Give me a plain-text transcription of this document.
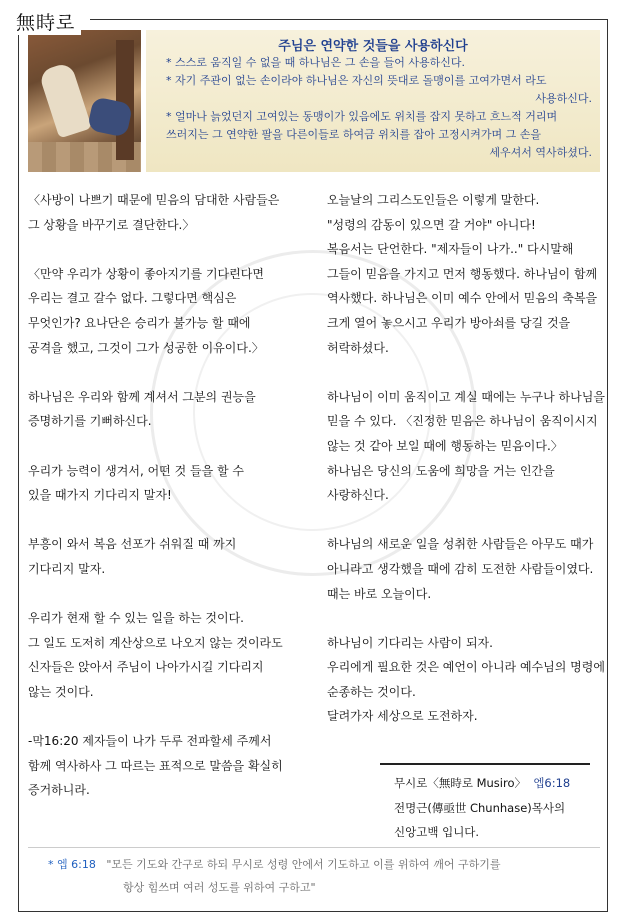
無時로
주님은 연약한 것들을 사용하신다
* 스스로 움직일 수 없을 때 하나님은 그 손을 들어 사용하신다.
* 자기 주관이 없는 손이라야 하나님은 자신의 뜻대로 돌맹이를 고여가면서 라도
사용하신다.
* 얼마나 늙었던지 고여있는 동맹이가 있음에도 위치를 잡지 못하고 흐느적 거리며
쓰러지는 그 연약한 팔을 다른이들로 하여금 위치를 잡아 고정시켜가며 그 손을
세우셔서 역사하셨다.

〈사방이 나쁘기 때문에 믿음의 담대한 사람들은

그 상황을 바꾸기로 결단한다.〉

〈만약 우리가 상황이 좋아지기를 기다린다면

우리는 결고 갈수 없다. 그렇다면 핵심은

무엇인가? 요나단은 승리가 불가능 할 때에

공격을 했고, 그것이 그가 성공한 이유이다.〉

하나님은 우리와 함께 계셔서 그분의 권능을

증명하기를 기뻐하신다.

우리가 능력이 생겨서, 어떤 것 들을 할 수

있을 때가지 기다리지 말자!

부흥이 와서 복음 선포가 쉬워질 때 까지

기다리지 말자.

우리가 현재 할 수 있는 일을 하는 것이다.

그 일도 도저히 계산상으로 나오지 않는 것이라도

신자들은 앉아서 주님이 나아가시길 기다리지

않는 것이다.

-막16:20 제자들이 나가 두루 전파할세 주께서

함께 역사하사 그 따르는 표적으로 말씀을 확실히

증거하니라.

오늘날의 그리스도인들은 이렇게 말한다.

"성령의 감동이 있으면 갈 거야" 아니다!

복음서는 단언한다. "제자들이 나가.." 다시말해

그들이 믿음을 가지고 먼저 행동했다. 하나님이 함께

역사했다. 하나님은 이미 예수 안에서 믿음의 축복을

크게 열어 놓으시고 우리가 방아쇠를 당길 것을

허락하셨다.

하나님이 이미 움직이고 계실 때에는 누구나 하나님을

믿을 수 있다. 〈진정한 믿음은 하나님이 움직이시지

않는 것 같아 보일 때에 행동하는 믿음이다.〉

하나님은 당신의 도움에 희망을 거는 인간을

사랑하신다.

하나님의 새로운 일을 성취한 사람들은 아무도 때가

아니라고 생각했을 때에 감히 도전한 사람들이였다.

때는 바로 오늘이다.

하나님이 기다리는 사람이 되자.

우리에게 필요한 것은 예언이 아니라 예수님의 명령에

순종하는 것이다.

달려가자 세상으로 도전하자.

무시로〈無時로 Musiro〉 엡6:18

전명근(傳亟世 Chunhase)목사의

신앙고백 입니다.

* 엡 6:18 "모든 기도와 간구로 하되 무시로 성령 안에서 기도하고 이를 위하여 깨어 구하기를

항상 힘쓰며 여러 성도를 위하여 구하고"
